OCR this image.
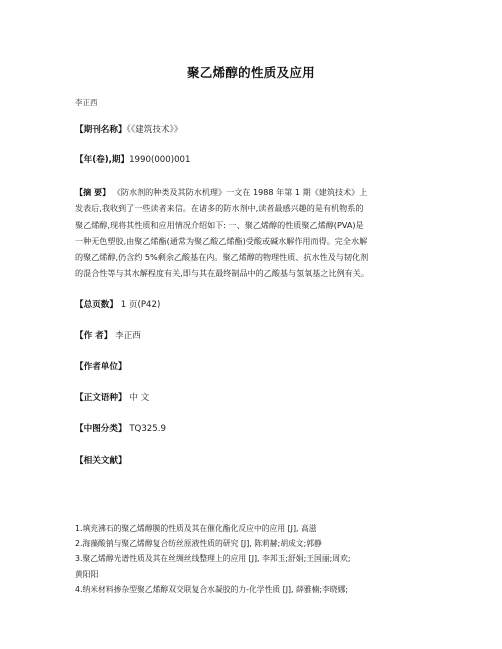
聚乙烯醇的性质及应用
李正西
【期刊名称】《《建筑技术》》
【年(卷),期】1990(000)001
【摘 要】 《防水剂的种类及其防水机理》一文在 1988 年第 1 期《建筑技术》上
发表后,我收到了一些读者来信。在诸多的防水剂中,读者最感兴趣的是有机物系的
聚乙烯醇,现将其性质和应用情况介绍如下: 一、聚乙烯醇的性质聚乙烯醇(PVA)是
一种无色塑胶,由聚乙烯酯(通常为聚乙酸乙烯酯)受酸或碱水解作用而得。完全水解
的聚乙烯醇,仍含约 5%剩余乙酸基在内。聚乙烯醇的物理性质、抗水性及与韧化剂
的混合性等与其水解程度有关,即与其在最终制品中的乙酸基与氢氧基之比例有关。
【总页数】 1 页(P42)
【作 者】 李正西
【作者单位】
【正文语种】 中 文
【中图分类】 TQ325.9
【相关文献】
1.填充沸石的聚乙烯醇膜的性质及其在催化酯化反应中的应用 [J], 高滋
2.海藻酸钠与聚乙烯醇复合纺丝原液性质的研究 [J], 陈莉赫;胡成文;郭静
3.聚乙烯醇光谱性质及其在丝绸丝线整理上的应用 [J], 李邦玉;舒娟;王国丽;周欢;
黄阳阳
4.纳米材料掺杂型聚乙烯醇双交联复合水凝胶的力-化学性质 [J], 薛雅楠;李晓娜;
